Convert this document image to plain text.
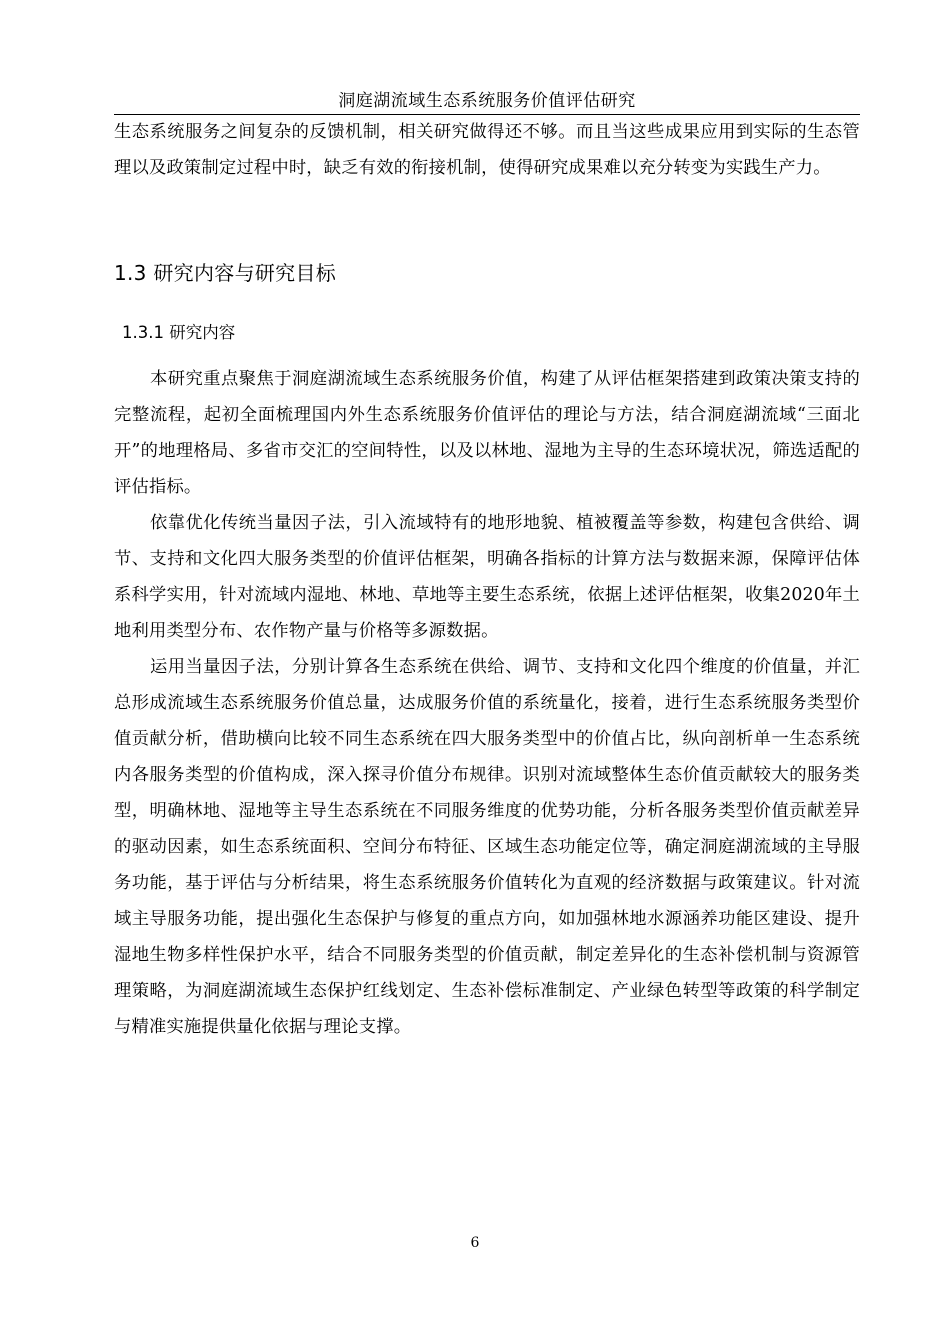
洞庭湖流域生态系统服务价值评估研究

生态系统服务之间复杂的反馈机制，相关研究做得还不够。而且当这些成果应用到实际的生态管理以及政策制定过程中时，缺乏有效的衔接机制，使得研究成果难以充分转变为实践生产力。

1.3 研究内容与研究目标
1.3.1 研究内容

本研究重点聚焦于洞庭湖流域生态系统服务价值，构建了从评估框架搭建到政策决策支持的完整流程，起初全面梳理国内外生态系统服务价值评估的理论与方法，结合洞庭湖流域“三面北开”的地理格局、多省市交汇的空间特性，以及以林地、湿地为主导的生态环境状况，筛选适配的评估指标。

依靠优化传统当量因子法，引入流域特有的地形地貌、植被覆盖等参数，构建包含供给、调节、支持和文化四大服务类型的价值评估框架，明确各指标的计算方法与数据来源，保障评估体系科学实用，针对流域内湿地、林地、草地等主要生态系统，依据上述评估框架，收集2020年土地利用类型分布、农作物产量与价格等多源数据。

运用当量因子法，分别计算各生态系统在供给、调节、支持和文化四个维度的价值量，并汇总形成流域生态系统服务价值总量，达成服务价值的系统量化，接着，进行生态系统服务类型价值贡献分析，借助横向比较不同生态系统在四大服务类型中的价值占比，纵向剖析单一生态系统内各服务类型的价值构成，深入探寻价值分布规律。识别对流域整体生态价值贡献较大的服务类型，明确林地、湿地等主导生态系统在不同服务维度的优势功能，分析各服务类型价值贡献差异的驱动因素，如生态系统面积、空间分布特征、区域生态功能定位等，确定洞庭湖流域的主导服务功能，基于评估与分析结果，将生态系统服务价值转化为直观的经济数据与政策建议。针对流域主导服务功能，提出强化生态保护与修复的重点方向，如加强林地水源涵养功能区建设、提升湿地生物多样性保护水平，结合不同服务类型的价值贡献，制定差异化的生态补偿机制与资源管理策略，为洞庭湖流域生态保护红线划定、生态补偿标准制定、产业绿色转型等政策的科学制定与精准实施提供量化依据与理论支撑。

6
